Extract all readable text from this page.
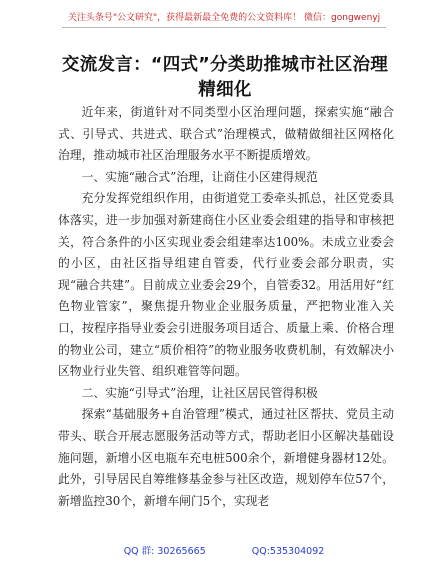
关注头条号"公文研究"，获得最新最全免费的公文资料库！ 微信：gongwenyj
交流发言：“四式”分类助推城市社区治理精细化

近年来，街道针对不同类型小区治理问题，探索实施“融合式、引导式、共进式、联合式”治理模式，做精做细社区网格化治理，推动城市社区治理服务水平不断提质增效。

一、实施“融合式”治理，让商住小区建得规范

充分发挥党组织作用，由街道党工委牵头抓总，社区党委具体落实，进一步加强对新建商住小区业委会组建的指导和审核把关，符合条件的小区实现业委会组建率达100%。未成立业委会的小区，由社区指导组建自管委，代行业委会部分职责，实现“融合共建”。目前成立业委会29个，自管委32。用活用好“红色物业管家”，聚焦提升物业企业服务质量，严把物业准入关口，按程序指导业委会引进服务项目适合、质量上乘、价格合理的物业公司，建立“质价相符”的物业服务收费机制，有效解决小区物业行业失管、组织难管等问题。

二、实施“引导式”治理，让社区居民管得积极

探索“基础服务+自治管理”模式，通过社区帮扶、党员主动带头、联合开展志愿服务活动等方式，帮助老旧小区解决基础设施问题，新增小区电瓶车充电桩500余个，新增健身器材12处。此外，引导居民自筹维修基金参与社区改造，规划停车位57个，新增监控30个，新增车闸门5个，实现老

QQ 群: 30265665	QQ:535304092
